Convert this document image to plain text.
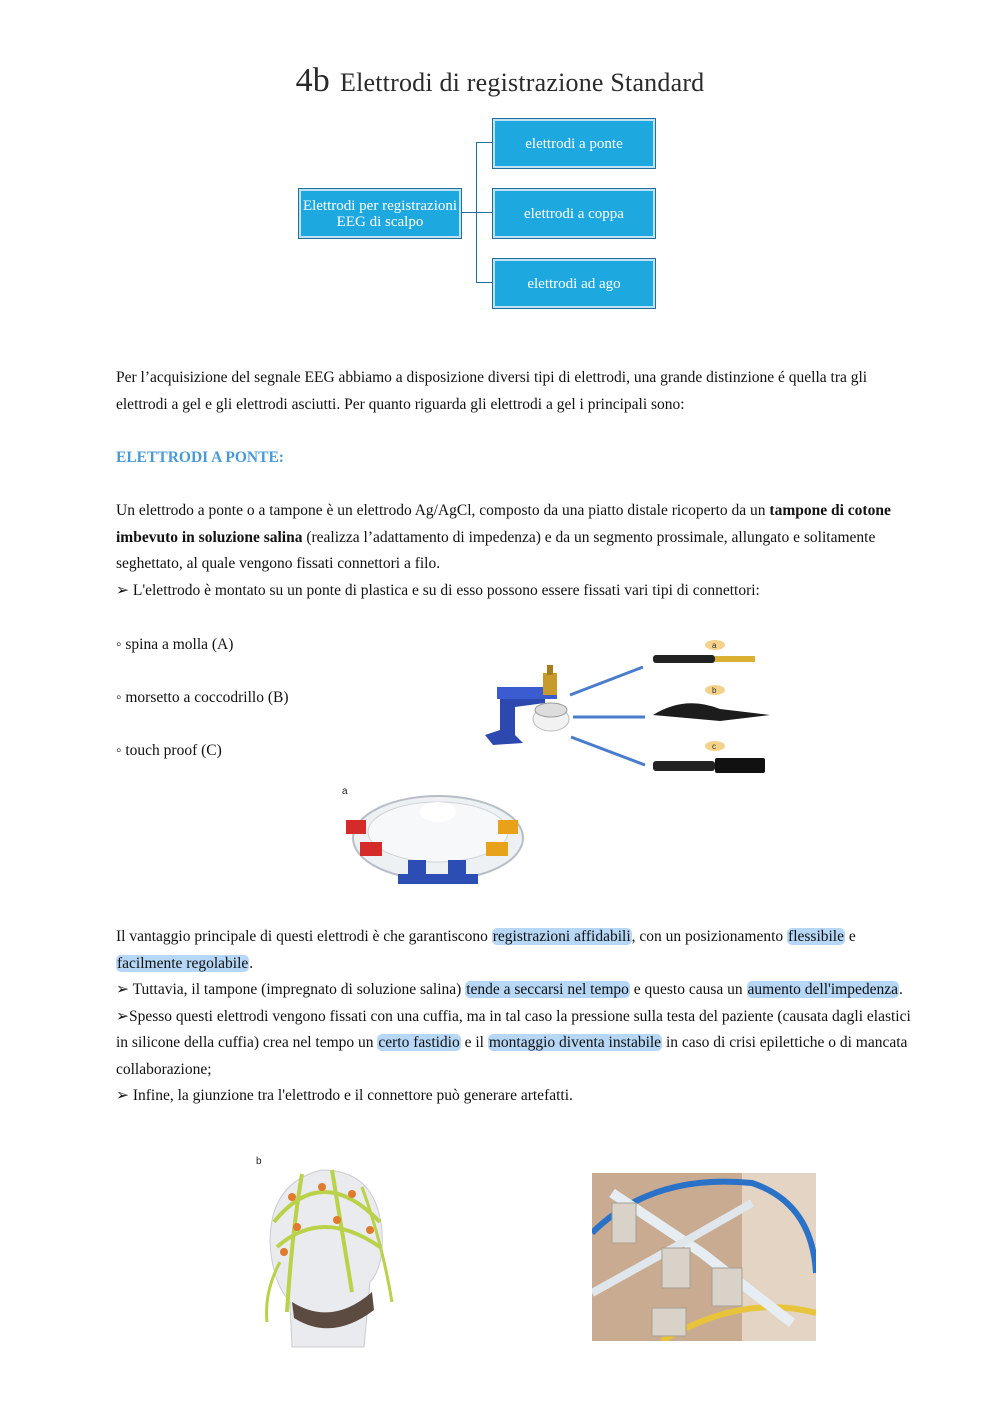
4b Elettrodi di registrazione Standard
Elettrodi per registrazioni EEG di scalpo
elettrodi a ponte
elettrodi a coppa
elettrodi ad ago
Per l’acquisizione del segnale EEG abbiamo a disposizione diversi tipi di elettrodi, una grande distinzione é quella tra gli elettrodi a gel e gli elettrodi asciutti. Per quanto riguarda gli elettrodi a gel i principali sono:
ELETTRODI A PONTE:
Un elettrodo a ponte o a tampone è un elettrodo Ag/AgCl, composto da una piatto distale ricoperto da un tampone di cotone imbevuto in soluzione salina (realizza l’adattamento di impedenza) e da un segmento prossimale, allungato e solitamente seghettato, al quale vengono fissati connettori a filo.
➢ L'elettrodo è montato su un ponte di plastica e su di esso possono essere fissati vari tipi di connettori:
◦ spina a molla (A)
◦ morsetto a coccodrillo (B)
◦ touch proof (C)
a
b
c
a
Il vantaggio principale di questi elettrodi è che garantiscono registrazioni affidabili, con un posizionamento flessibile e facilmente regolabile.
➢ Tuttavia, il tampone (impregnato di soluzione salina) tende a seccarsi nel tempo e questo causa un aumento dell'impedenza.
➢Spesso questi elettrodi vengono fissati con una cuffia, ma in tal caso la pressione sulla testa del paziente (causata dagli elastici in silicone della cuffia) crea nel tempo un certo fastidio e il montaggio diventa instabile in caso di crisi epilettiche o di mancata collaborazione;
➢ Infine, la giunzione tra l'elettrodo e il connettore può generare artefatti.
b
